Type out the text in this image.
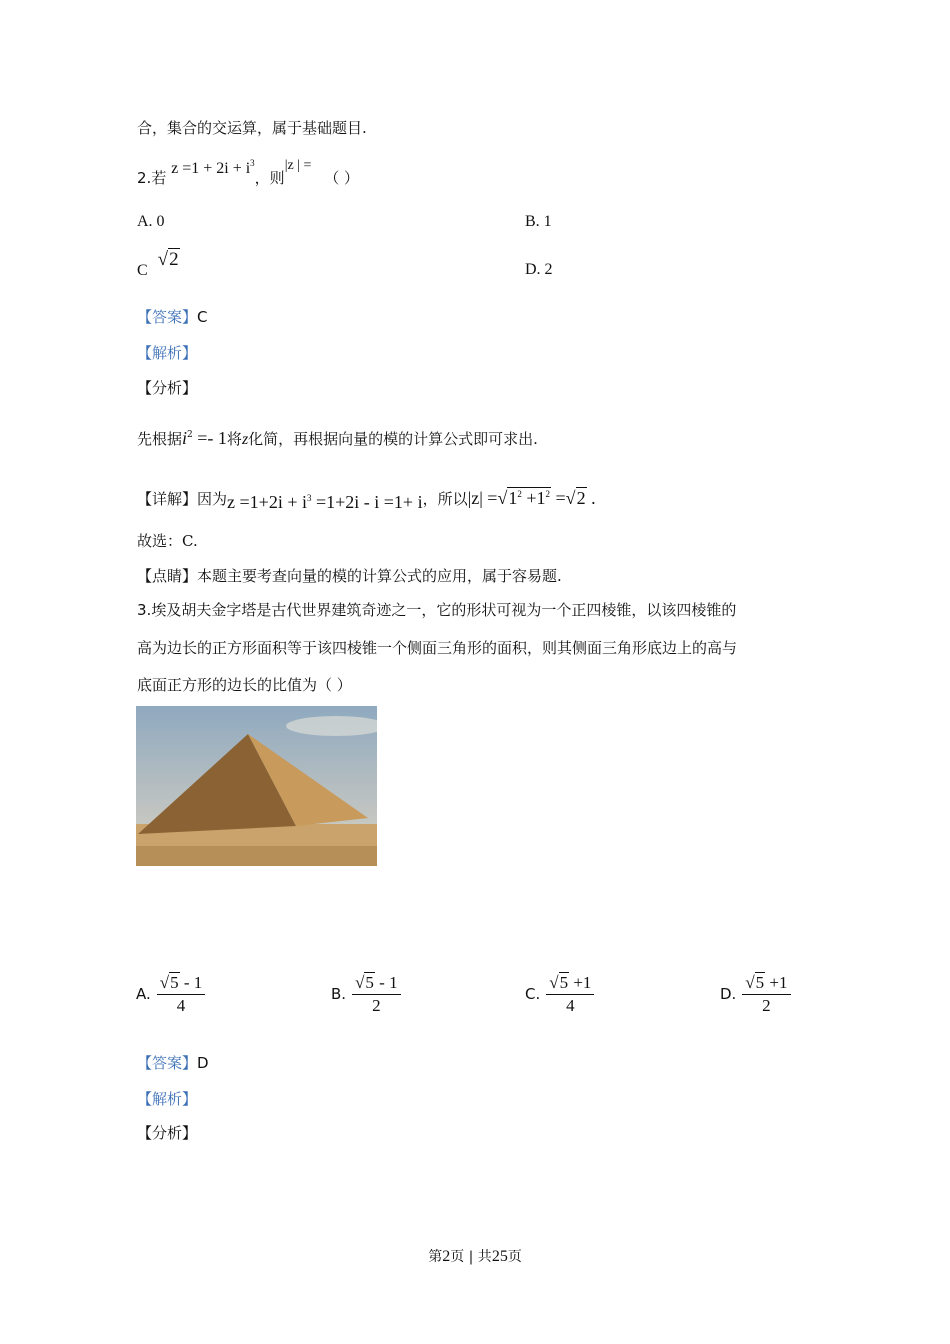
合，集合的交运算，属于基础题目.
2.若 $z =1 + 2i + i^3$，则|z | = （ ）
A. 0	B. 1
C √2	D. 2
【答案】C
【解析】
【分析】
先根据$i^2 =- 1$将z化简，再根据向量的模的计算公式即可求出.
【详解】因为$z =1+2i + i^3 =1+2i - i =1+ i$，所以$|z| =√1^2 +1^2 =√2$ .
故选：C.
【点睛】本题主要考查向量的模的计算公式的应用，属于容易题.
3.埃及胡夫金字塔是古代世界建筑奇迹之一，它的形状可视为一个正四棱锥，以该四棱锥的
高为边长的正方形面积等于该四棱锥一个侧面三角形的面积，则其侧面三角形底边上的高与
底面正方形的边长的比值为（ ）
A. $\frac{√5 - 1}{4}$	B. $\frac{√5 - 1}{2}$	C. $\frac{√5 +1}{4}$	D. $\frac{√5 +1}{2}$
【答案】D
【解析】
【分析】
第2页 | 共25页
